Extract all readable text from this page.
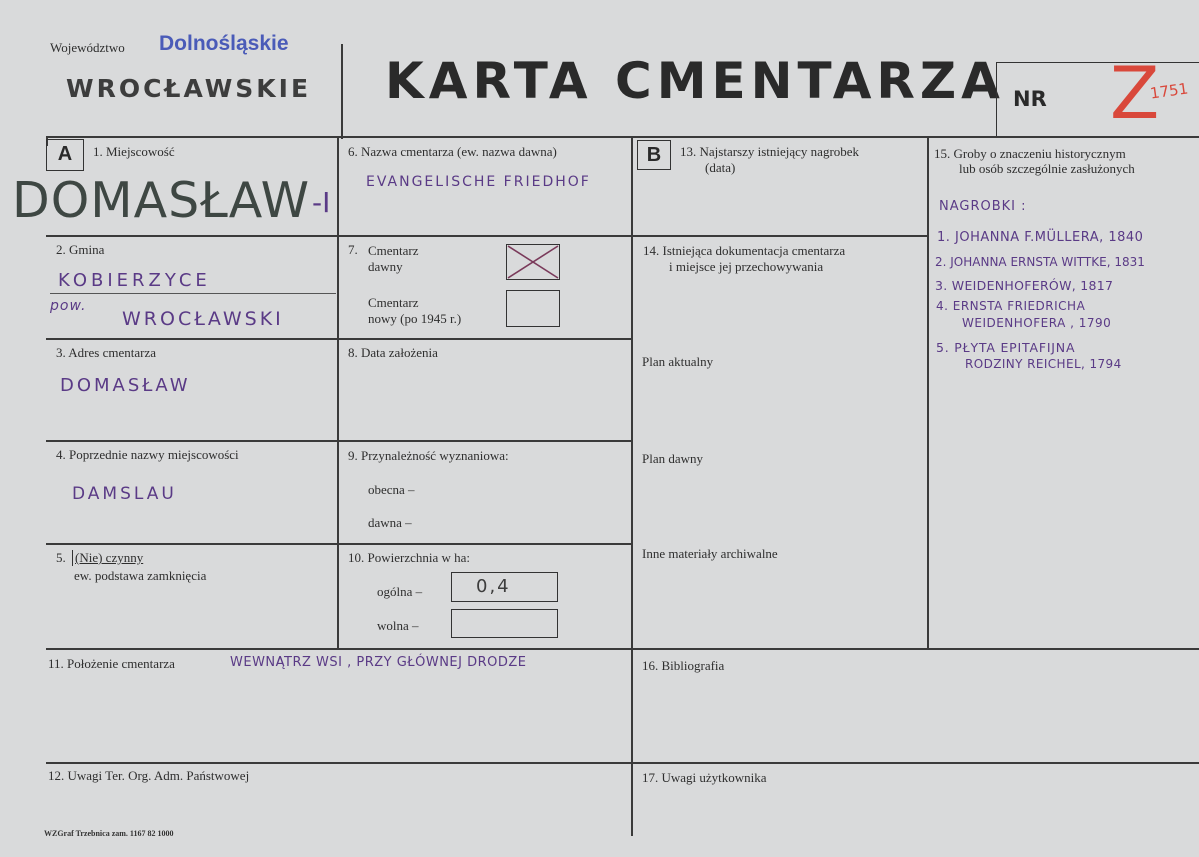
Województwo Dolnośląskie
WROCŁAWSKIE KARTA CMENTARZA NR Z
1751
A	1. Miejscowość
DOMASŁAW -I
2. Gmina
KOBIERZYCE
pow.
WROCŁAWSKI
3. Adres cmentarza
DOMASŁAW
4. Poprzednie nazwy miejscowości
DAMSLAU
5. (Nie) czynny
ew. podstawa zamknięcia
6. Nazwa cmentarza (ew. nazwa dawna)
EVANGELISCHE FRIEDHOF
7. Cmentarz
dawny
Cmentarz
nowy (po 1945 r.)
8. Data założenia
9. Przynależność wyznaniowa:
obecna –
dawna –
10. Powierzchnia w ha:
ogólna –	0,4
wolna –
B	13. Najstarszy istniejący nagrobek
(data)
14. Istniejąca dokumentacja cmentarza
i miejsce jej przechowywania
Plan aktualny
Plan dawny
Inne materiały archiwalne
15. Groby o znaczeniu historycznym
lub osób szczególnie zasłużonych
NAGROBKI :
1. JOHANNA F.MÜLLERA, 1840
2. JOHANNA ERNSTA WITTKE, 1831
3. WEIDENHOFERÓW, 1817
4. ERNSTA FRIEDRICHA
WEIDENHOFERA , 1790
5. PŁYTA EPITAFIJNA
RODZINY REICHEL, 1794
11. Położenie cmentarza	WEWNĄTRZ WSI , PRZY GŁÓWNEJ DRODZE	16. Bibliografia
12. Uwagi Ter. Org. Adm. Państwowej	17. Uwagi użytkownika
WZGraf Trzebnica zam. 1167 82 1000
